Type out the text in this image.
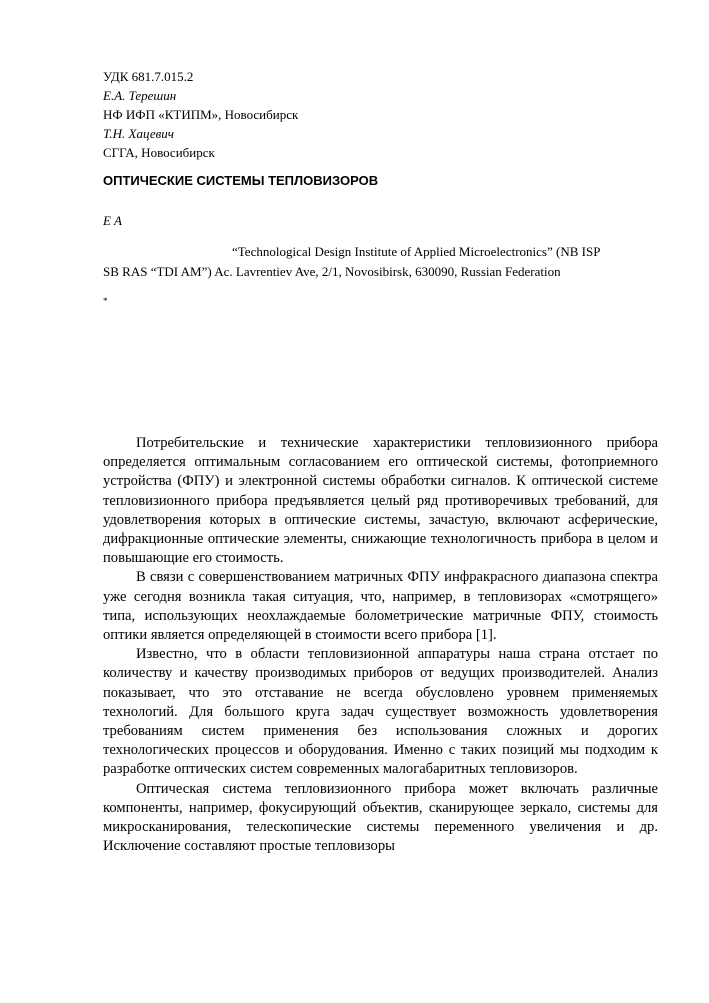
УДК 681.7.015.2
Е.А. Терешин
НФ ИФП «КТИПМ», Новосибирск
Т.Н. Хацевич
СГГА, Новосибирск
ОПТИЧЕСКИЕ СИСТЕМЫ ТЕПЛОВИЗОРОВ
E A
“Technological Design Institute of Applied Microelectronics” (NB ISP
SB RAS “TDI AM”) Ac. Lavrentiev Ave, 2/1, Novosibirsk, 630090, Russian Federation
*

Потребительские и технические характеристики тепловизионного прибора определяется оптимальным согласованием его оптической системы, фотоприемного устройства (ФПУ) и электронной системы обработки сигналов. К оптической системе тепловизионного прибора предъявляется целый ряд противоречивых требований, для удовлетворения которых в оптические системы, зачастую, включают асферические, дифракционные оптические элементы, снижающие технологичность прибора в целом и повышающие его стоимость.

В связи с совершенствованием матричных ФПУ инфракрасного диапазона спектра уже сегодня возникла такая ситуация, что, например, в тепловизорах «смотрящего» типа, использующих неохлаждаемые болометрические матричные ФПУ, стоимость оптики является определяющей в стоимости всего прибора [1].

Известно, что в области тепловизионной аппаратуры наша страна отстает по количеству и качеству производимых приборов от ведущих производителей. Анализ показывает, что это отставание не всегда обусловлено уровнем применяемых технологий. Для большого круга задач существует возможность удовлетворения требованиям систем применения без использования сложных и дорогих технологических процессов и оборудования. Именно с таких позиций мы подходим к разработке оптических систем современных малогабаритных тепловизоров.

Оптическая система тепловизионного прибора может включать различные компоненты, например, фокусирующий объектив, сканирующее зеркало, системы для микросканирования, телескопические системы переменного увеличения и др. Исключение составляют простые тепловизоры
